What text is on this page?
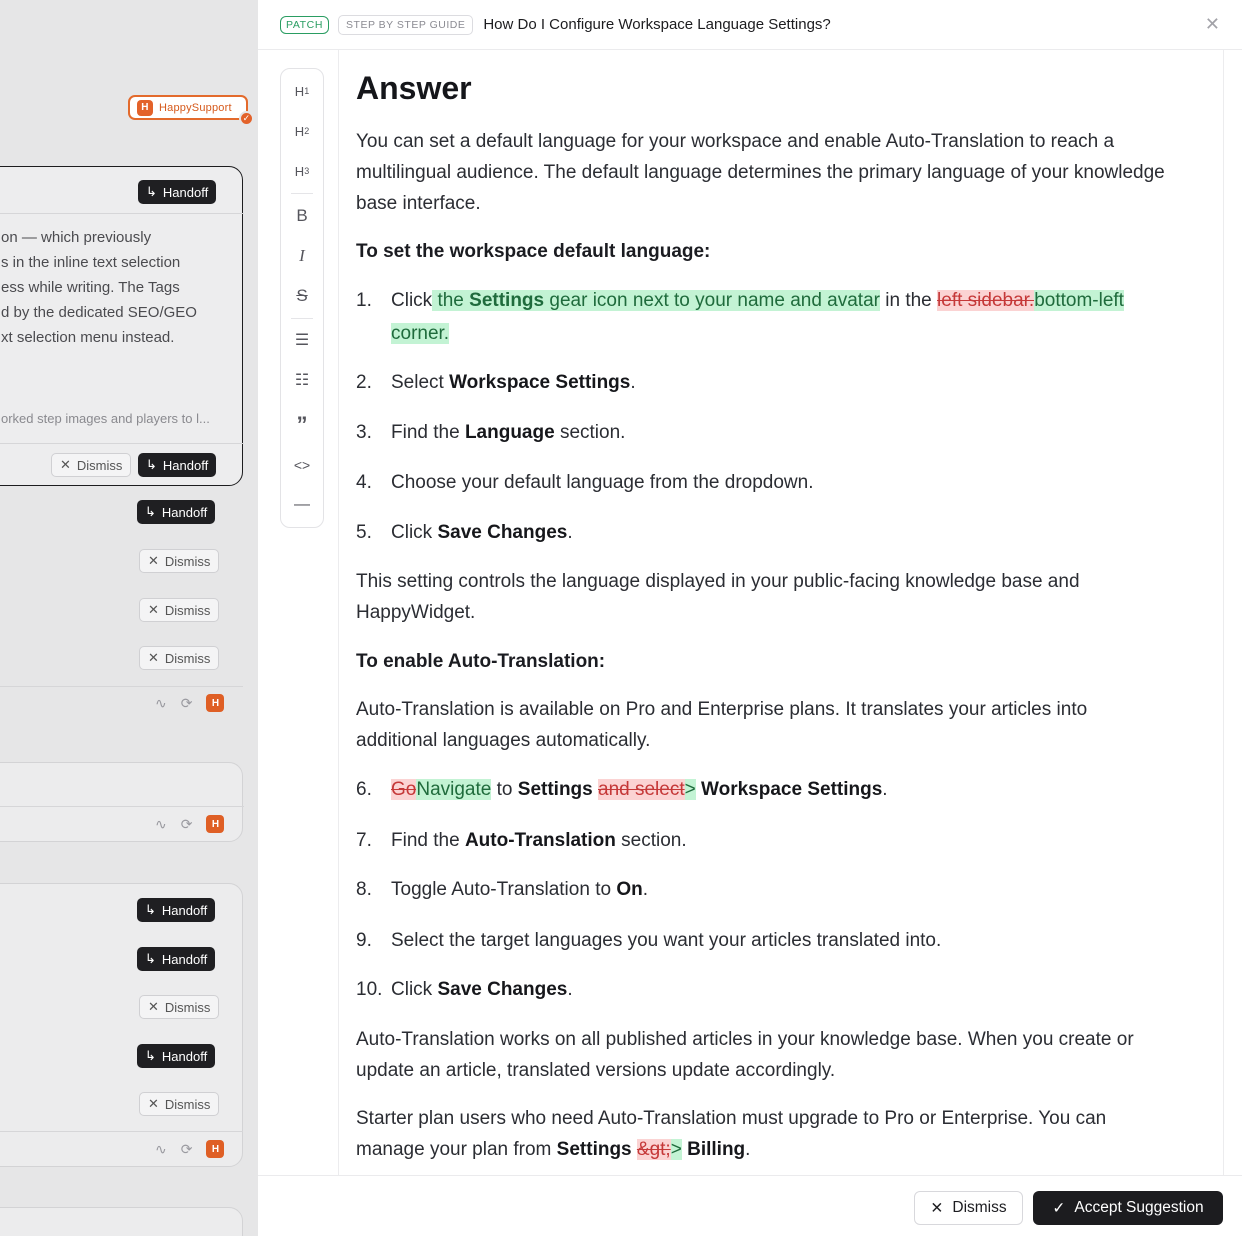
H HappySupport
✓
↳ Handoff
on — which previously
s in the inline text selection
ess while writing. The Tags
d by the dedicated SEO/GEO
xt selection menu instead.
orked step images and players to l...
✕ Dismiss ↳ Handoff
↳ Handoff
✕ Dismiss
✕ Dismiss
✕ Dismiss
∿ ⟳	H
∿ ⟳	H
↳ Handoff
↳ Handoff
✕ Dismiss
↳ Handoff
✕ Dismiss
∿ ⟳	H
PATCH	STEP BY STEP GUIDE	How Do I Configure Workspace Language Settings?	✕
H 1
H 2
H 3
B
I
S
☰
☷
”
<>
—
Answer
You can set a default language for your workspace and enable Auto-Translation to reach a multilingual audience. The default language determines the primary language of your knowledge base interface.
To set the workspace default language:
1. Click the Settings gear icon next to your name and avatar in the left sidebar.bottom-left
corner.
2. Select Workspace Settings.
3. Find the Language section.
4. Choose your default language from the dropdown.
5. Click Save Changes.
This setting controls the language displayed in your public-facing knowledge base and HappyWidget.
To enable Auto-Translation:
Auto-Translation is available on Pro and Enterprise plans. It translates your articles into additional languages automatically.
6. GoNavigate to Settings and select> Workspace Settings.
7. Find the Auto-Translation section.
8. Toggle Auto-Translation to On.
9. Select the target languages you want your articles translated into.
10. Click Save Changes.
Auto-Translation works on all published articles in your knowledge base. When you create or update an article, translated versions update accordingly.
Starter plan users who need Auto-Translation must upgrade to Pro or Enterprise. You can manage your plan from Settings &gt;> Billing.
✕ Dismiss	✓ Accept Suggestion
